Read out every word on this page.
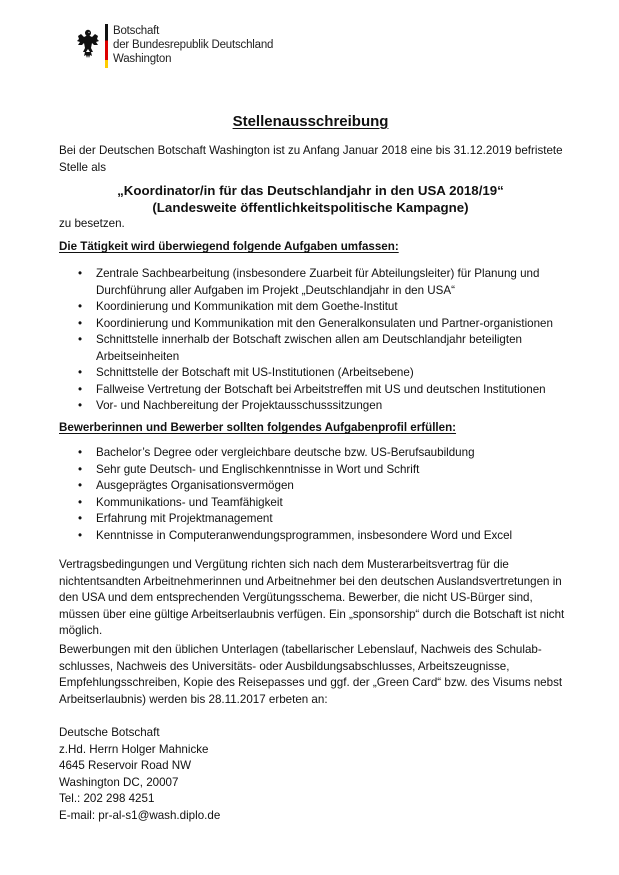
Botschaft
der Bundesrepublik Deutschland
Washington
Stellenausschreibung
Bei der Deutschen Botschaft Washington ist zu Anfang Januar 2018 eine bis 31.12.2019 befristete Stelle als
„Koordinator/in für das Deutschlandjahr in den USA 2018/19“
(Landesweite öffentlichkeitspolitische Kampagne)
zu besetzen.
Die Tätigkeit wird überwiegend folgende Aufgaben umfassen:
• Zentrale Sachbearbeitung (insbesondere Zuarbeit für Abteilungsleiter) für Planung und Durchführung aller Aufgaben im Projekt „Deutschlandjahr in den USA“
• Koordinierung und Kommunikation mit dem Goethe-Institut
• Koordinierung und Kommunikation mit den Generalkonsulaten und Partner-organistionen
• Schnittstelle innerhalb der Botschaft zwischen allen am Deutschlandjahr beteiligten Arbeitseinheiten
• Schnittstelle der Botschaft mit US-Institutionen (Arbeitsebene)
• Fallweise Vertretung der Botschaft bei Arbeitstreffen mit US und deutschen Institutionen
• Vor- und Nachbereitung der Projektausschusssitzungen
Bewerberinnen und Bewerber sollten folgendes Aufgabenprofil erfüllen:
• Bachelor’s Degree oder vergleichbare deutsche bzw. US-Berufsaubildung
• Sehr gute Deutsch- und Englischkenntnisse in Wort und Schrift
• Ausgeprägtes Organisationsvermögen
• Kommunikations- und Teamfähigkeit
• Erfahrung mit Projektmanagement
• Kenntnisse in Computeranwendungsprogrammen, insbesondere Word und Excel
Vertragsbedingungen und Vergütung richten sich nach dem Musterarbeitsvertrag für die nichtentsandten Arbeitnehmerinnen und Arbeitnehmer bei den deutschen Auslandsvertretungen in den USA und dem entsprechenden Vergütungsschema. Bewerber, die nicht US-Bürger sind, müssen über eine gültige Arbeitserlaubnis verfügen. Ein „sponsorship“ durch die Botschaft ist nicht möglich.
Bewerbungen mit den üblichen Unterlagen (tabellarischer Lebenslauf, Nachweis des Schulab-schlusses, Nachweis des Universitäts- oder Ausbildungsabschlusses, Arbeitszeugnisse, Empfehlungsschreiben, Kopie des Reisepasses und ggf. der „Green Card“ bzw. des Visums nebst Arbeitserlaubnis) werden bis 28.11.2017 erbeten an:
Deutsche Botschaft
z.Hd. Herrn Holger Mahnicke
4645 Reservoir Road NW
Washington DC, 20007
Tel.: 202 298 4251
E-mail: pr-al-s1@wash.diplo.de
